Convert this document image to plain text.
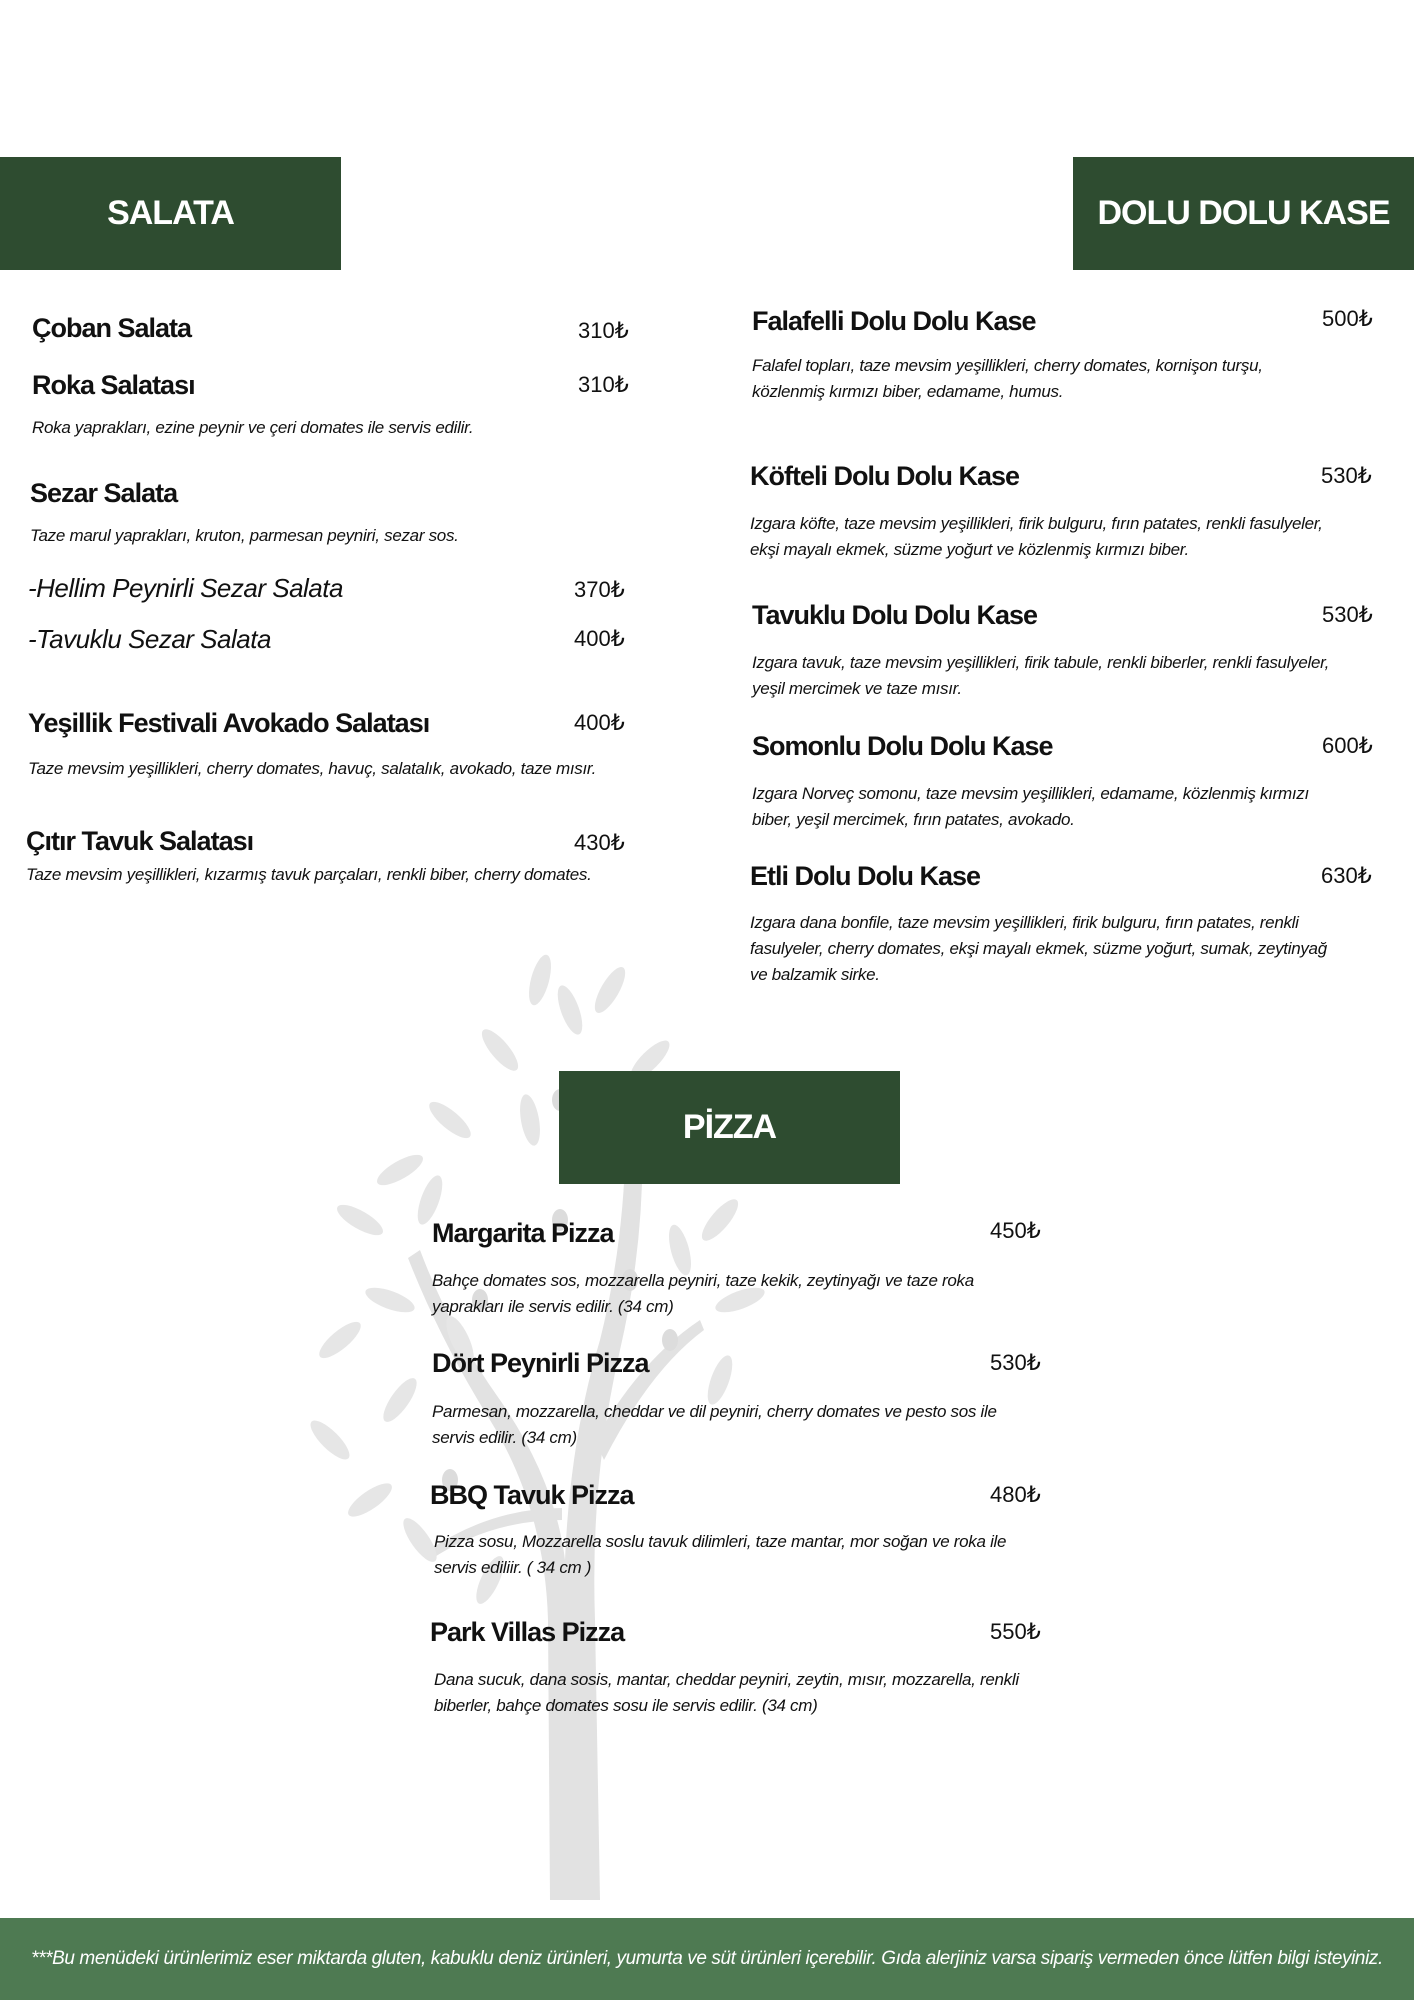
SALATA	DOLU DOLU KASE
PİZZA
Çoban Salata	310₺
Roka Salatası	310₺
Roka yaprakları, ezine peynir ve çeri domates ile servis edilir.
Sezar Salata
Taze marul yaprakları, kruton, parmesan peyniri, sezar sos.
-Hellim Peynirli Sezar Salata	370₺
-Tavuklu Sezar Salata	400₺
Yeşillik Festivali Avokado Salatası	400₺
Taze mevsim yeşillikleri, cherry domates, havuç, salatalık, avokado, taze mısır.
Çıtır Tavuk Salatası	430₺
Taze mevsim yeşillikleri, kızarmış tavuk parçaları, renkli biber, cherry domates.
Falafelli Dolu Dolu Kase	500₺
Falafel topları, taze mevsim yeşillikleri, cherry domates, kornişon turşu, közlenmiş kırmızı biber, edamame, humus.
Köfteli Dolu Dolu Kase	530₺
Izgara köfte, taze mevsim yeşillikleri, firik bulguru, fırın patates, renkli fasulyeler, ekşi mayalı ekmek, süzme yoğurt ve közlenmiş kırmızı biber.
Tavuklu Dolu Dolu Kase	530₺
Izgara tavuk, taze mevsim yeşillikleri, firik tabule, renkli biberler, renkli fasulyeler, yeşil mercimek ve taze mısır.
Somonlu Dolu Dolu Kase	600₺
Izgara Norveç somonu, taze mevsim yeşillikleri, edamame, közlenmiş kırmızı biber, yeşil mercimek, fırın patates, avokado.
Etli Dolu Dolu Kase	630₺
Izgara dana bonfile, taze mevsim yeşillikleri, firik bulguru, fırın patates, renkli fasulyeler, cherry domates, ekşi mayalı ekmek, süzme yoğurt, sumak, zeytinyağ ve balzamik sirke.
Margarita Pizza	450₺
Bahçe domates sos, mozzarella peyniri, taze kekik, zeytinyağı ve taze roka yaprakları ile servis edilir. (34 cm)
Dört Peynirli Pizza	530₺
Parmesan, mozzarella, cheddar ve dil peyniri, cherry domates ve pesto sos ile servis edilir. (34 cm)
BBQ Tavuk Pizza	480₺
Pizza sosu, Mozzarella soslu tavuk dilimleri, taze mantar, mor soğan ve roka ile servis ediliir. ( 34 cm )
Park Villas Pizza	550₺
Dana sucuk, dana sosis, mantar, cheddar peyniri, zeytin, mısır, mozzarella, renkli biberler, bahçe domates sosu ile servis edilir. (34 cm)
***Bu menüdeki ürünlerimiz eser miktarda gluten, kabuklu deniz ürünleri, yumurta ve süt ürünleri içerebilir. Gıda alerjiniz varsa sipariş vermeden önce lütfen bilgi isteyiniz.
